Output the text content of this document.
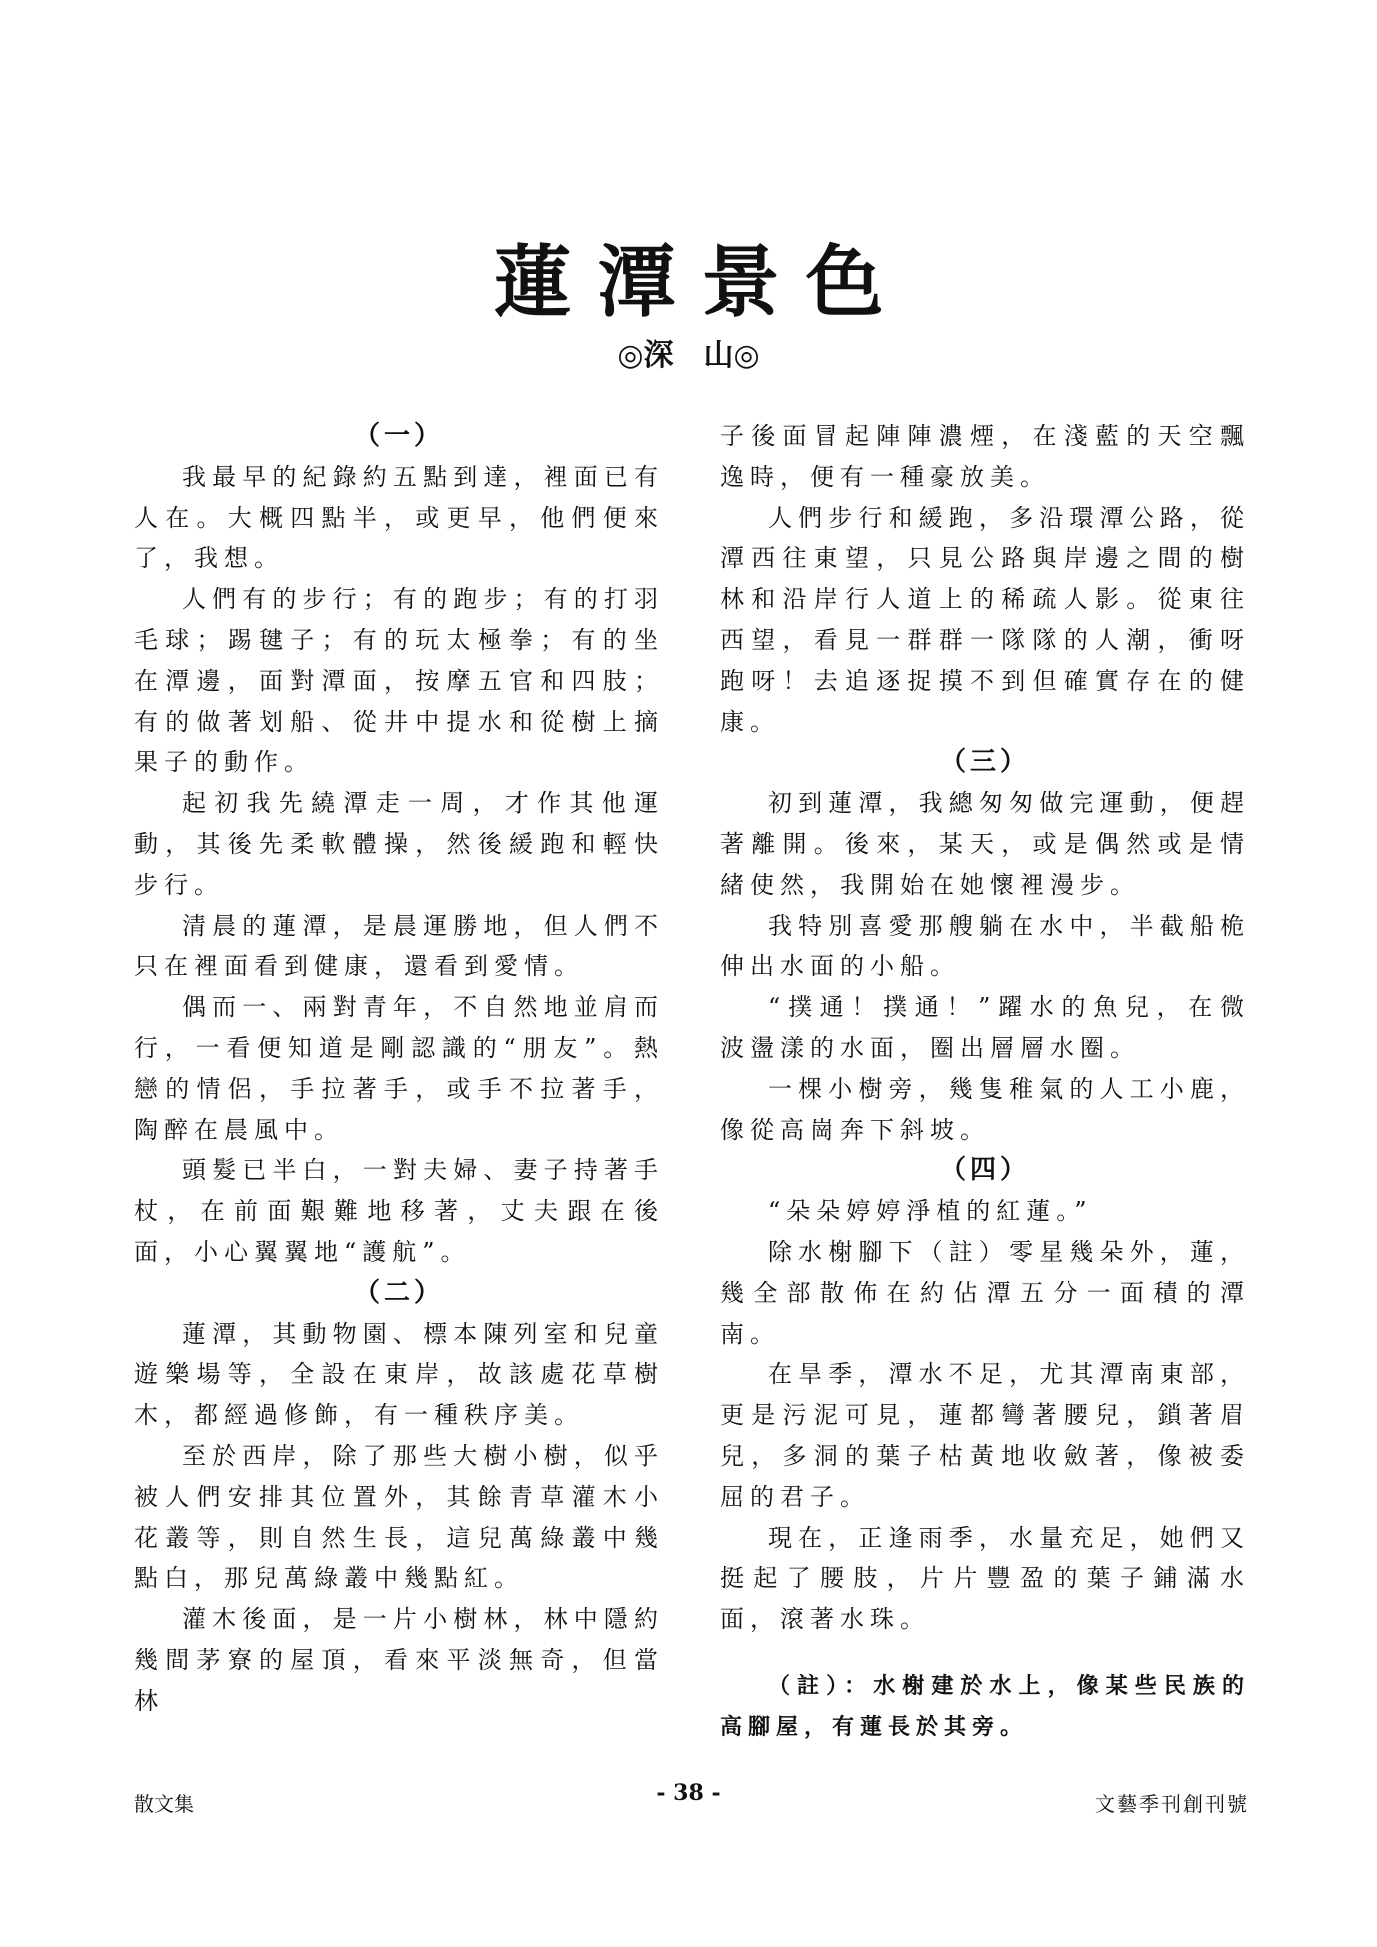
蓮潭景色
◎深　山◎

（一）

我最早的紀錄約五點到達，裡面已有人在。大概四點半，或更早，他們便來了，我想。

人們有的步行；有的跑步；有的打羽毛球；踢毽子；有的玩太極拳；有的坐在潭邊，面對潭面，按摩五官和四肢；有的做著划船、從井中提水和從樹上摘果子的動作。

起初我先繞潭走一周，才作其他運動，其後先柔軟體操，然後緩跑和輕快步行。

清晨的蓮潭，是晨運勝地，但人們不只在裡面看到健康，還看到愛情。

偶而一、兩對青年，不自然地並肩而行，一看便知道是剛認識的“朋友”。熱戀的情侶，手拉著手，或手不拉著手，陶醉在晨風中。

頭髮已半白，一對夫婦、妻子持著手杖，在前面艱難地移著，丈夫跟在後面，小心翼翼地“護航”。

（二）

蓮潭，其動物園、標本陳列室和兒童遊樂場等，全設在東岸，故該處花草樹木，都經過修飾，有一種秩序美。

至於西岸，除了那些大樹小樹，似乎被人們安排其位置外，其餘青草灌木小花叢等，則自然生長，這兒萬綠叢中幾點白，那兒萬綠叢中幾點紅。

灌木後面，是一片小樹林，林中隱約幾間茅寮的屋頂，看來平淡無奇，但當林

子後面冒起陣陣濃煙，在淺藍的天空飄逸時，便有一種豪放美。

人們步行和緩跑，多沿環潭公路，從潭西往東望，只見公路與岸邊之間的樹林和沿岸行人道上的稀疏人影。從東往西望，看見一群群一隊隊的人潮，衝呀跑呀！去追逐捉摸不到但確實存在的健康。

（三）

初到蓮潭，我總匆匆做完運動，便趕著離開。後來，某天，或是偶然或是情緒使然，我開始在她懷裡漫步。

我特別喜愛那艘躺在水中，半截船桅伸出水面的小船。

“撲通！撲通！”躍水的魚兒，在微波盪漾的水面，圈出層層水圈。

一棵小樹旁，幾隻稚氣的人工小鹿，像從高崗奔下斜坡。

（四）

“朵朵婷婷淨植的紅蓮。”

除水榭腳下（註）零星幾朵外，蓮，幾全部散佈在約佔潭五分一面積的潭南。

在旱季，潭水不足，尤其潭南東部，更是污泥可見，蓮都彎著腰兒，鎖著眉兒，多洞的葉子枯黃地收斂著，像被委屈的君子。

現在，正逢雨季，水量充足，她們又挺起了腰肢，片片豐盈的葉子鋪滿水面，滾著水珠。

（註）：水榭建於水上，像某些民族的高腳屋，有蓮長於其旁。

散文集	- 38 -	文藝季刊創刊號
